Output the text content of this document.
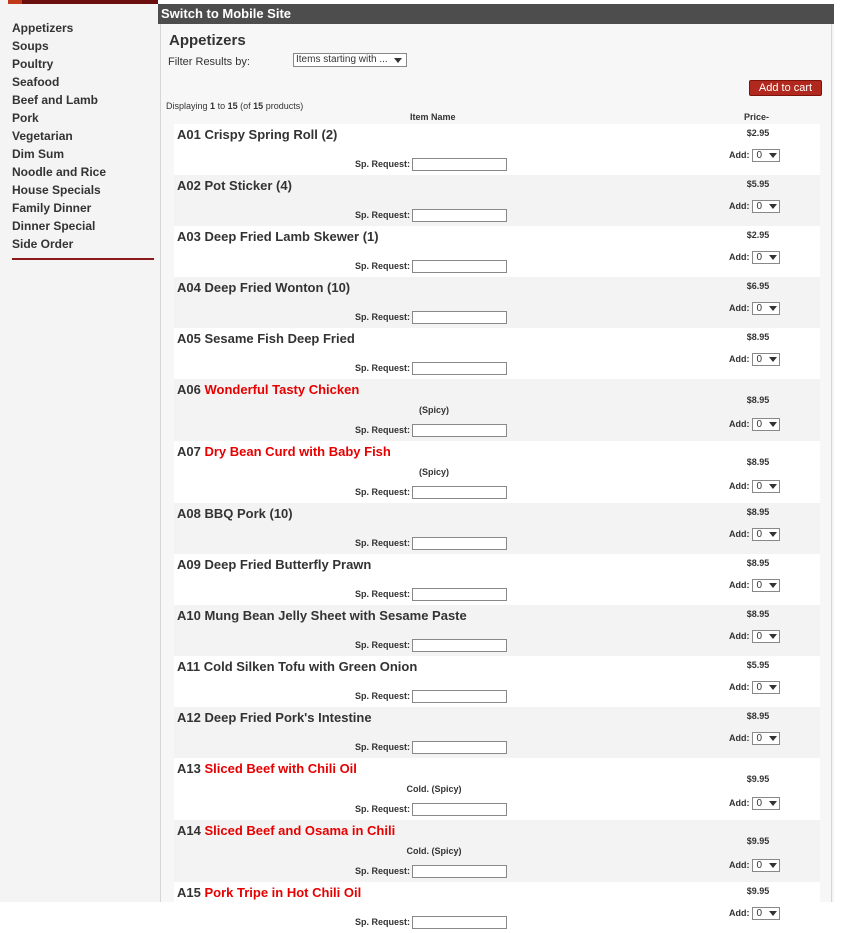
Appetizers
Soups
Poultry
Seafood
Beef and Lamb
Pork
Vegetarian
Dim Sum
Noodle and Rice
House Specials
Family Dinner
Dinner Special
Side Order
Switch to Mobile Site
Appetizers
Filter Results by:	Items starting with ...
Add to cart
Displaying 1 to 15 (of 15 products)
Item Name	Price-
A01 Crispy Spring Roll (2)
Sp. Request:
$2.95
Add: 0
A02 Pot Sticker (4)
Sp. Request:
$5.95
Add: 0
A03 Deep Fried Lamb Skewer (1)
Sp. Request:
$2.95
Add: 0
A04 Deep Fried Wonton (10)
Sp. Request:
$6.95
Add: 0
A05 Sesame Fish Deep Fried
Sp. Request:
$8.95
Add: 0
A06 Wonderful Tasty Chicken
(Spicy)
Sp. Request:
$8.95
Add: 0
A07 Dry Bean Curd with Baby Fish
(Spicy)
Sp. Request:
$8.95
Add: 0
A08 BBQ Pork (10)
Sp. Request:
$8.95
Add: 0
A09 Deep Fried Butterfly Prawn
Sp. Request:
$8.95
Add: 0
A10 Mung Bean Jelly Sheet with Sesame Paste
Sp. Request:
$8.95
Add: 0
A11 Cold Silken Tofu with Green Onion
Sp. Request:
$5.95
Add: 0
A12 Deep Fried Pork's Intestine
Sp. Request:
$8.95
Add: 0
A13 Sliced Beef with Chili Oil
Cold. (Spicy)
Sp. Request:
$9.95
Add: 0
A14 Sliced Beef and Osama in Chili
Cold. (Spicy)
Sp. Request:
$9.95
Add: 0
A15 Pork Tripe in Hot Chili Oil
Sp. Request:
$9.95
Add: 0
